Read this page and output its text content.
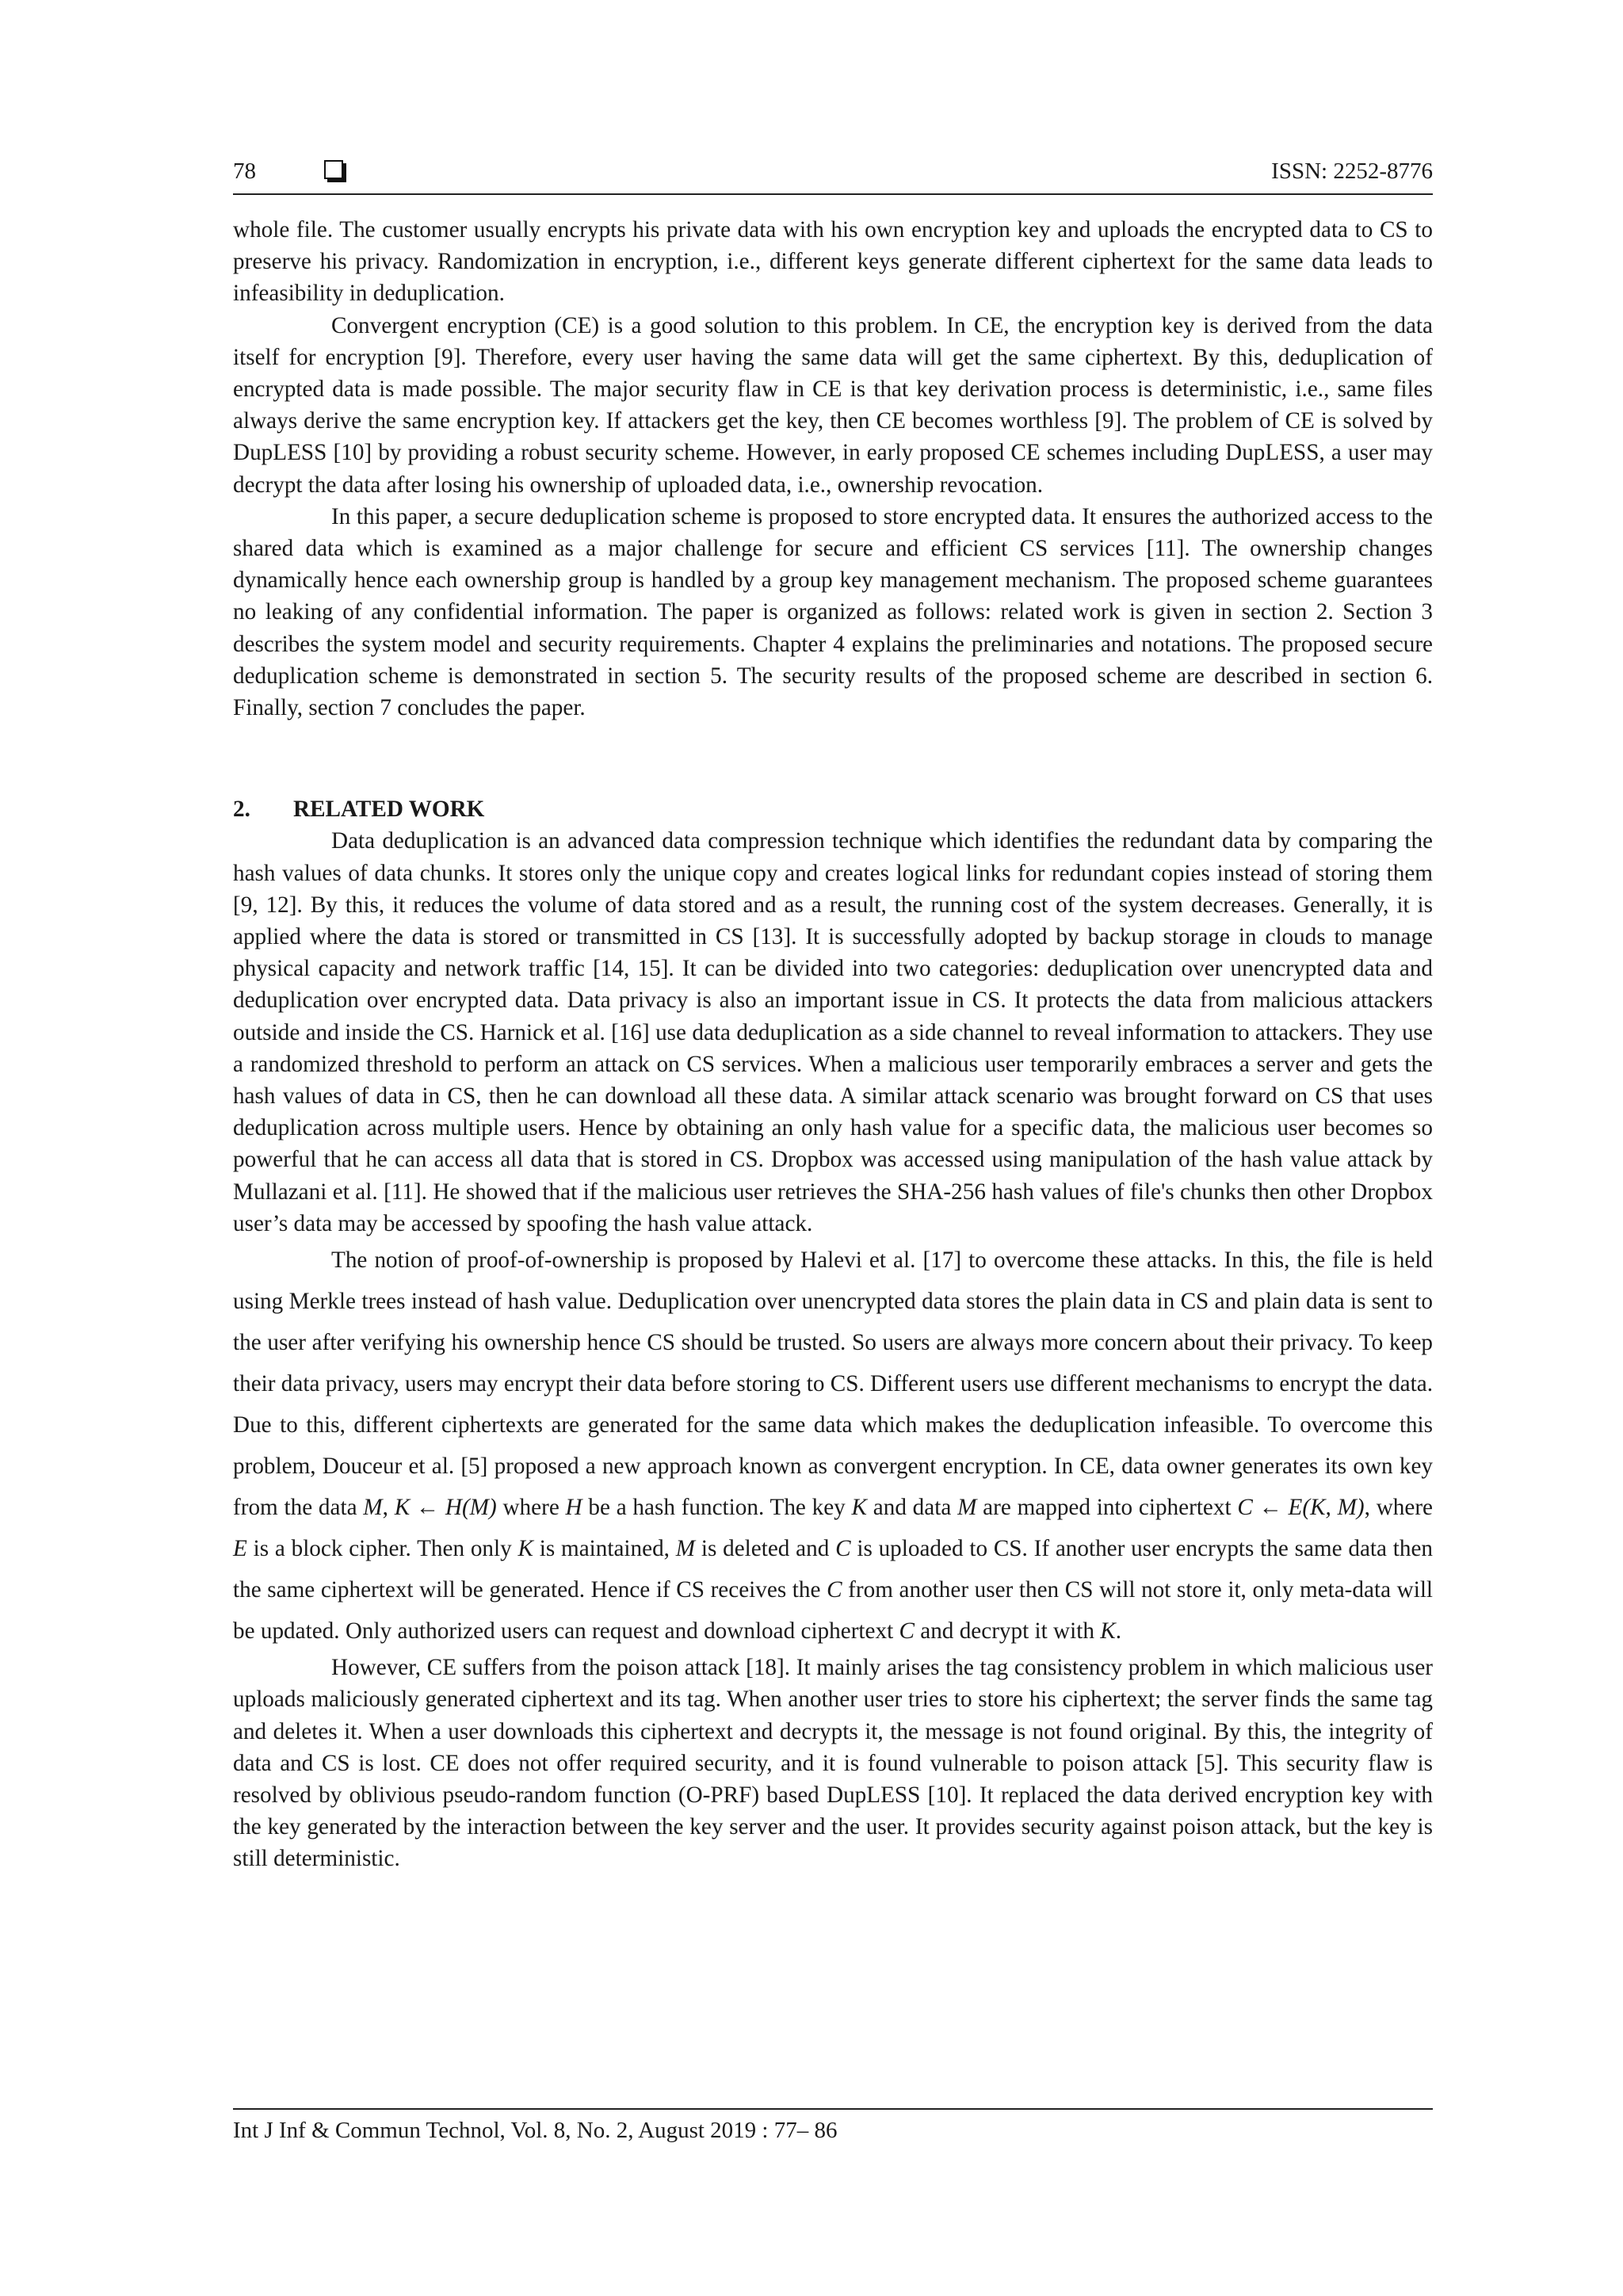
78	ISSN: 2252-8776

whole file. The customer usually encrypts his private data with his own encryption key and uploads the encrypted data to CS to preserve his privacy. Randomization in encryption, i.e., different keys generate different ciphertext for the same data leads to infeasibility in deduplication.

Convergent encryption (CE) is a good solution to this problem. In CE, the encryption key is derived from the data itself for encryption [9]. Therefore, every user having the same data will get the same ciphertext. By this, deduplication of encrypted data is made possible. The major security flaw in CE is that key derivation process is deterministic, i.e., same files always derive the same encryption key. If attackers get the key, then CE becomes worthless [9]. The problem of CE is solved by DupLESS [10] by providing a robust security scheme. However, in early proposed CE schemes including DupLESS, a user may decrypt the data after losing his ownership of uploaded data, i.e., ownership revocation.

In this paper, a secure deduplication scheme is proposed to store encrypted data. It ensures the authorized access to the shared data which is examined as a major challenge for secure and efficient CS services [11]. The ownership changes dynamically hence each ownership group is handled by a group key management mechanism. The proposed scheme guarantees no leaking of any confidential information. The paper is organized as follows: related work is given in section 2. Section 3 describes the system model and security requirements. Chapter 4 explains the preliminaries and notations. The proposed secure deduplication scheme is demonstrated in section 5. The security results of the proposed scheme are described in section 6. Finally, section 7 concludes the paper.

2. RELATED WORK

Data deduplication is an advanced data compression technique which identifies the redundant data by comparing the hash values of data chunks. It stores only the unique copy and creates logical links for redundant copies instead of storing them [9, 12]. By this, it reduces the volume of data stored and as a result, the running cost of the system decreases. Generally, it is applied where the data is stored or transmitted in CS [13]. It is successfully adopted by backup storage in clouds to manage physical capacity and network traffic [14, 15]. It can be divided into two categories: deduplication over unencrypted data and deduplication over encrypted data. Data privacy is also an important issue in CS. It protects the data from malicious attackers outside and inside the CS. Harnick et al. [16] use data deduplication as a side channel to reveal information to attackers. They use a randomized threshold to perform an attack on CS services. When a malicious user temporarily embraces a server and gets the hash values of data in CS, then he can download all these data. A similar attack scenario was brought forward on CS that uses deduplication across multiple users. Hence by obtaining an only hash value for a specific data, the malicious user becomes so powerful that he can access all data that is stored in CS. Dropbox was accessed using manipulation of the hash value attack by Mullazani et al. [11]. He showed that if the malicious user retrieves the SHA-256 hash values of file's chunks then other Dropbox user’s data may be accessed by spoofing the hash value attack.

The notion of proof-of-ownership is proposed by Halevi et al. [17] to overcome these attacks. In this, the file is held using Merkle trees instead of hash value. Deduplication over unencrypted data stores the plain data in CS and plain data is sent to the user after verifying his ownership hence CS should be trusted. So users are always more concern about their privacy. To keep their data privacy, users may encrypt their data before storing to CS. Different users use different mechanisms to encrypt the data. Due to this, different ciphertexts are generated for the same data which makes the deduplication infeasible. To overcome this problem, Douceur et al. [5] proposed a new approach known as convergent encryption. In CE, data owner generates its own key from the data M, K ← H(M) where H be a hash function. The key K and data M are mapped into ciphertext C ← E(K, M), where E is a block cipher. Then only K is maintained, M is deleted and C is uploaded to CS. If another user encrypts the same data then the same ciphertext will be generated. Hence if CS receives the C from another user then CS will not store it, only meta-data will be updated. Only authorized users can request and download ciphertext C and decrypt it with K.

However, CE suffers from the poison attack [18]. It mainly arises the tag consistency problem in which malicious user uploads maliciously generated ciphertext and its tag. When another user tries to store his ciphertext; the server finds the same tag and deletes it. When a user downloads this ciphertext and decrypts it, the message is not found original. By this, the integrity of data and CS is lost. CE does not offer required security, and it is found vulnerable to poison attack [5]. This security flaw is resolved by oblivious pseudo-random function (O-PRF) based DupLESS [10]. It replaced the data derived encryption key with the key generated by the interaction between the key server and the user. It provides security against poison attack, but the key is still deterministic.

Int J Inf & Commun Technol, Vol. 8, No. 2, August 2019 : 77– 86
